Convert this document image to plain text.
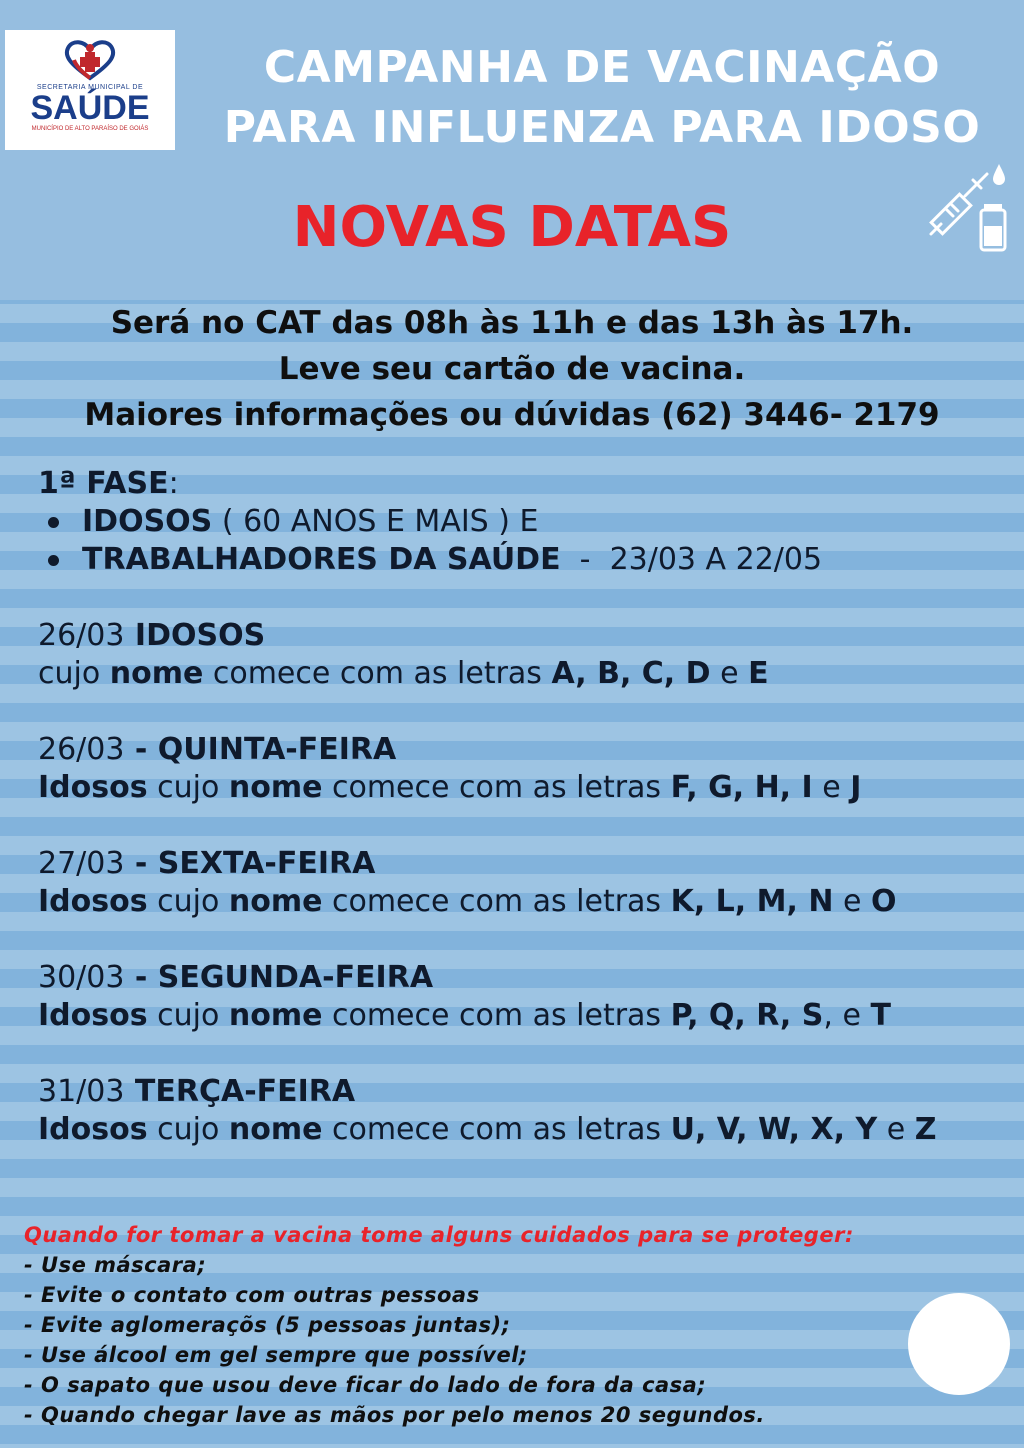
SECRETARIA MUNICIPAL DE
SAÚDE
MUNICÍPIO DE ALTO PARAÍSO DE GOIÁS
CAMPANHA DE VACINAÇÃO
PARA INFLUENZA PARA IDOSO
NOVAS DATAS
Será no CAT das 08h às 11h e das 13h às 17h.
Leve seu cartão de vacina.
Maiores informações ou dúvidas (62) 3446- 2179
1ª FASE:
IDOSOS ( 60 ANOS E MAIS ) E
TRABALHADORES DA SAÚDE  -  23/03 A 22/05
26/03 IDOSOS
cujo nome comece com as letras A, B, C, D e E
26/03 - QUINTA-FEIRA
Idosos cujo nome comece com as letras F, G, H, I e J
27/03 - SEXTA-FEIRA
Idosos cujo nome comece com as letras K, L, M, N e O
30/03 - SEGUNDA-FEIRA
Idosos cujo nome comece com as letras P, Q, R, S, e T
31/03 TERÇA-FEIRA
Idosos cujo nome comece com as letras U, V, W, X, Y e Z
Quando for tomar a vacina tome alguns cuidados para se proteger:
- Use máscara;
- Evite o contato com outras pessoas
- Evite aglomeraçõs (5 pessoas juntas);
- Use álcool em gel sempre que possível;
- O sapato que usou deve ficar do lado de fora da casa;
- Quando chegar lave as mãos por pelo menos 20 segundos.
